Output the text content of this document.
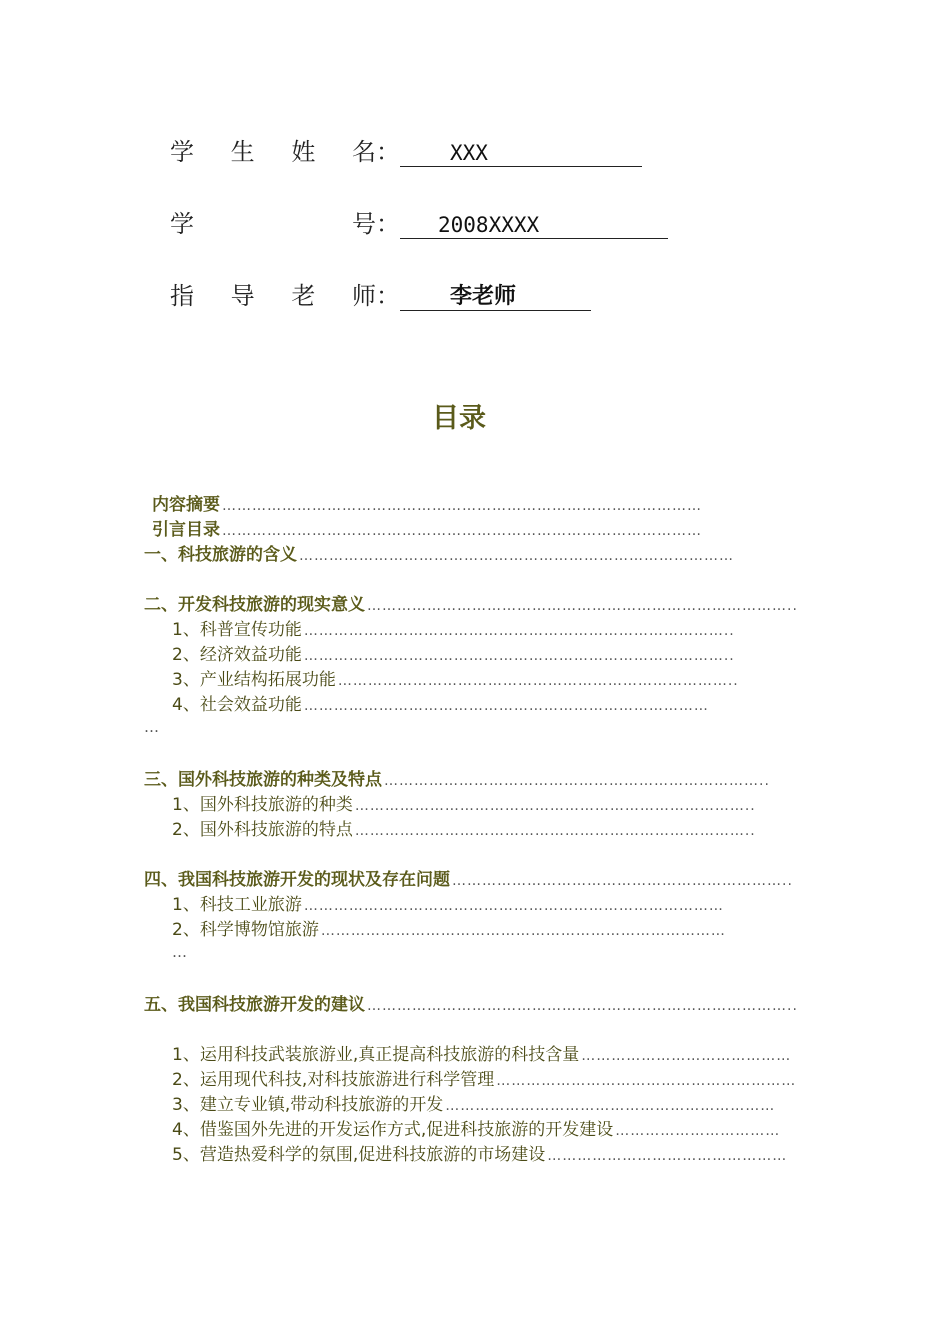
学 生 姓 名：	XXX
学	号：	2008XXXX
指 导 老 师：	李老师
目录
内容摘要 ……………………………………………………………………………………
引言目录 ……………………………………………………………………………………
一、科技旅游的含义 ……………………………………………………………………………
二、开发科技旅游的现实意义 …………………………………………………………………………..
1、科普宣传功能 …………………………………………………………………………..
2、经济效益功能 …………………………………………………………………………..
3、产业结构拓展功能 ……………………………………………………………………..
4、社会效益功能 ………………………………………………………………………
…
三、国外科技旅游的种类及特点 …………………………………………………………………..
1、国外科技旅游的种类 ……………………………………………………………………..
2、国外科技旅游的特点 ……………………………………………………………………..
四、我国科技旅游开发的现状及存在问题 …………………………………………………………..
1、科技工业旅游 …………………………………………………………………………
2、科学博物馆旅游 ………………………………………………………………………
…
五、我国科技旅游开发的建议 …………………………………………………………………………..
1、运用科技武装旅游业,真正提高科技旅游的科技含量 ……………………………………
2、运用现代科技,对科技旅游进行科学管理 ……………………………………………………
3、建立专业镇,带动科技旅游的开发 …………………………………………………………
4、借鉴国外先进的开发运作方式,促进科技旅游的开发建设 ……………………………
5、营造热爱科学的氛围,促进科技旅游的市场建设 …………………………………………
